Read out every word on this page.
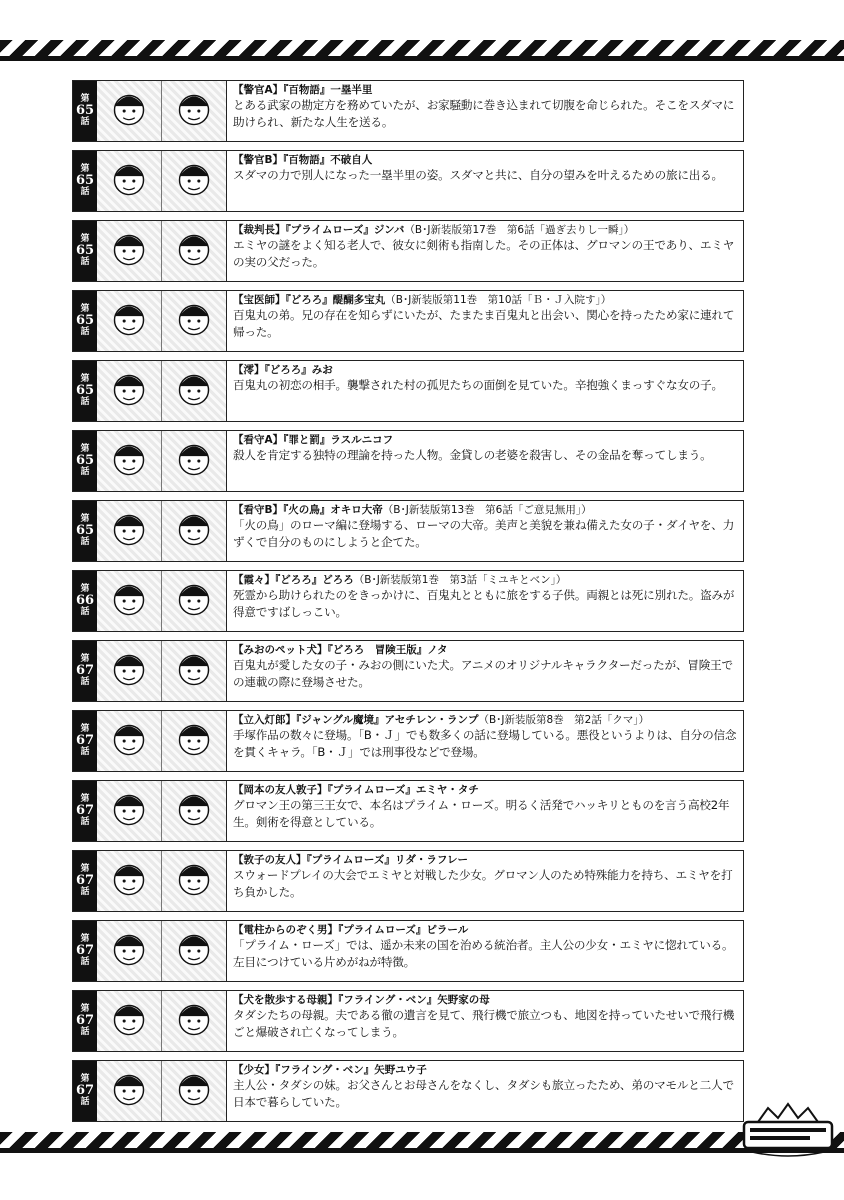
第
65
話
【警官A】『百物語』一塁半里
とある武家の勘定方を務めていたが、お家騒動に巻き込まれて切腹を命じられた。そこをスダマに助けられ、新たな人生を送る。
第
65
話
【警官B】『百物語』不破自人
スダマの力で別人になった一塁半里の姿。スダマと共に、自分の望みを叶えるための旅に出る。
第
65
話
【裁判長】『プライムローズ』ジンバ（B･J新装版第17巻　第6話「過ぎ去りし一瞬」）
エミヤの謎をよく知る老人で、彼女に剣術も指南した。その正体は、グロマンの王であり、エミヤの実の父だった。
第
65
話
【宝医師】『どろろ』醍醐多宝丸（B･J新装版第11巻　第10話「Ｂ・Ｊ入院す」）
百鬼丸の弟。兄の存在を知らずにいたが、たまたま百鬼丸と出会い、関心を持ったため家に連れて帰った。
第
65
話
【澪】『どろろ』みお
百鬼丸の初恋の相手。襲撃された村の孤児たちの面倒を見ていた。辛抱強くまっすぐな女の子。
第
65
話
【看守A】『罪と罰』ラスルニコフ
殺人を肯定する独特の理論を持った人物。金貸しの老婆を殺害し、その金品を奪ってしまう。
第
65
話
【看守B】『火の鳥』オキロ大帝（B･J新装版第13巻　第6話「ご意見無用」）
「火の鳥」のローマ編に登場する、ローマの大帝。美声と美貌を兼ね備えた女の子・ダイヤを、力ずくで自分のものにしようと企てた。
第
66
話
【霞々】『どろろ』どろろ（B･J新装版第1巻　第3話「ミユキとベン」）
死霊から助けられたのをきっかけに、百鬼丸とともに旅をする子供。両親とは死に別れた。盗みが得意ですばしっこい。
第
67
話
【みおのペット犬】『どろろ　冒険王版』ノタ
百鬼丸が愛した女の子・みおの側にいた犬。アニメのオリジナルキャラクターだったが、冒険王での連載の際に登場させた。
第
67
話
【立入灯郎】『ジャングル魔境』アセチレン・ランプ（B･J新装版第8巻　第2話「クマ」）
手塚作品の数々に登場。「B・Ｊ」でも数多くの話に登場している。悪役というよりは、自分の信念を貫くキャラ。「B・Ｊ」では刑事役などで登場。
第
67
話
【岡本の友人敦子】『プライムローズ』エミヤ・タチ
グロマン王の第三王女で、本名はプライム・ローズ。明るく活発でハッキリとものを言う高校2年生。剣術を得意としている。
第
67
話
【敦子の友人】『プライムローズ』リダ・ラフレー
スウォードプレイの大会でエミヤと対戦した少女。グロマン人のため特殊能力を持ち、エミヤを打ち負かした。
第
67
話
【電柱からのぞく男】『プライムローズ』ピラール
「プライム・ローズ」では、遥か未来の国を治める統治者。主人公の少女・エミヤに惚れている。左目につけている片めがねが特徴。
第
67
話
【犬を散歩する母親】『フライング・ベン』矢野家の母
タダシたちの母親。夫である徹の遺言を見て、飛行機で旅立つも、地図を持っていたせいで飛行機ごと爆破され亡くなってしまう。
第
67
話
【少女】『フライング・ベン』矢野ユウ子
主人公・タダシの妹。お父さんとお母さんをなくし、タダシも旅立ったため、弟のマモルと二人で日本で暮らしていた。
